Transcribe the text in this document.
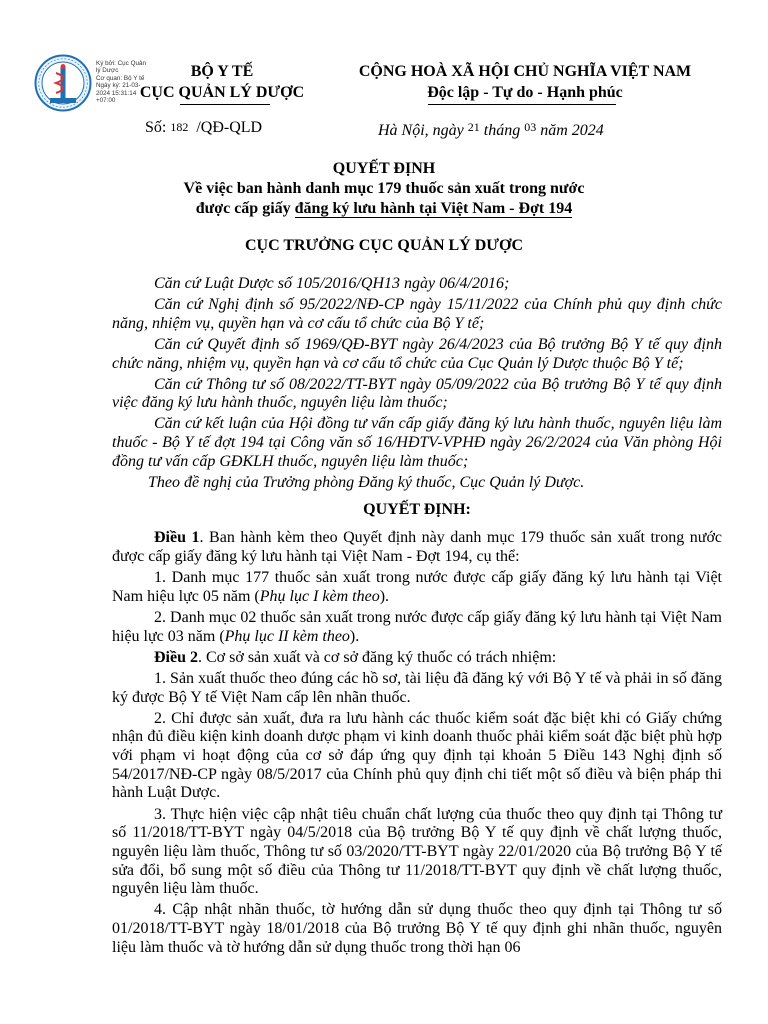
Ký bởi: Cục Quản
lý Dược
Cơ quan: Bộ Y tế
Ngày ký: 21-03-
2024 15:31:14
+07:00
BỘ Y TẾ
CỤC QUẢN LÝ DƯỢC
CỘNG HOÀ XÃ HỘI CHỦ NGHĨA VIỆT NAM
Độc lập - Tự do - Hạnh phúc
Số: 182 /QĐ-QLD	Hà Nội, ngày 21 tháng 03 năm 2024
QUYẾT ĐỊNH
Về việc ban hành danh mục 179 thuốc sản xuất trong nước
được cấp giấy đăng ký lưu hành tại Việt Nam - Đợt 194
CỤC TRƯỞNG CỤC QUẢN LÝ DƯỢC

Căn cứ Luật Dược số 105/2016/QH13 ngày 06/4/2016;

Căn cứ Nghị định số 95/2022/NĐ-CP ngày 15/11/2022 của Chính phủ quy định chức năng, nhiệm vụ, quyền hạn và cơ cấu tổ chức của Bộ Y tế;

Căn cứ Quyết định số 1969/QĐ-BYT ngày 26/4/2023 của Bộ trưởng Bộ Y tế quy định chức năng, nhiệm vụ, quyền hạn và cơ cấu tổ chức của Cục Quản lý Dược thuộc Bộ Y tế;

Căn cứ Thông tư số 08/2022/TT-BYT ngày 05/09/2022 của Bộ trưởng Bộ Y tế quy định việc đăng ký lưu hành thuốc, nguyên liệu làm thuốc;

Căn cứ kết luận của Hội đồng tư vấn cấp giấy đăng ký lưu hành thuốc, nguyên liệu làm thuốc - Bộ Y tế đợt 194 tại Công văn số 16/HĐTV-VPHĐ ngày 26/2/2024 của Văn phòng Hội đồng tư vấn cấp GĐKLH thuốc, nguyên liệu làm thuốc;

Theo đề nghị của Trưởng phòng Đăng ký thuốc, Cục Quản lý Dược.

QUYẾT ĐỊNH:

Điều 1. Ban hành kèm theo Quyết định này danh mục 179 thuốc sản xuất trong nước được cấp giấy đăng ký lưu hành tại Việt Nam - Đợt 194, cụ thể:

1. Danh mục 177 thuốc sản xuất trong nước được cấp giấy đăng ký lưu hành tại Việt Nam hiệu lực 05 năm (Phụ lục I kèm theo).

2. Danh mục 02 thuốc sản xuất trong nước được cấp giấy đăng ký lưu hành tại Việt Nam hiệu lực 03 năm (Phụ lục II kèm theo).

Điều 2. Cơ sở sản xuất và cơ sở đăng ký thuốc có trách nhiệm:

1. Sản xuất thuốc theo đúng các hồ sơ, tài liệu đã đăng ký với Bộ Y tế và phải in số đăng ký được Bộ Y tế Việt Nam cấp lên nhãn thuốc.

2. Chỉ được sản xuất, đưa ra lưu hành các thuốc kiểm soát đặc biệt khi có Giấy chứng nhận đủ điều kiện kinh doanh dược phạm vi kinh doanh thuốc phải kiểm soát đặc biệt phù hợp với phạm vi hoạt động của cơ sở đáp ứng quy định tại khoản 5 Điều 143 Nghị định số 54/2017/NĐ-CP ngày 08/5/2017 của Chính phủ quy định chi tiết một số điều và biện pháp thi hành Luật Dược.

3. Thực hiện việc cập nhật tiêu chuẩn chất lượng của thuốc theo quy định tại Thông tư số 11/2018/TT-BYT ngày 04/5/2018 của Bộ trưởng Bộ Y tế quy định về chất lượng thuốc, nguyên liệu làm thuốc, Thông tư số 03/2020/TT-BYT ngày 22/01/2020 của Bộ trưởng Bộ Y tế sửa đổi, bổ sung một số điều của Thông tư 11/2018/TT-BYT quy định về chất lượng thuốc, nguyên liệu làm thuốc.

4. Cập nhật nhãn thuốc, tờ hướng dẫn sử dụng thuốc theo quy định tại Thông tư số 01/2018/TT-BYT ngày 18/01/2018 của Bộ trưởng Bộ Y tế quy định ghi nhãn thuốc, nguyên liệu làm thuốc và tờ hướng dẫn sử dụng thuốc trong thời hạn 06
